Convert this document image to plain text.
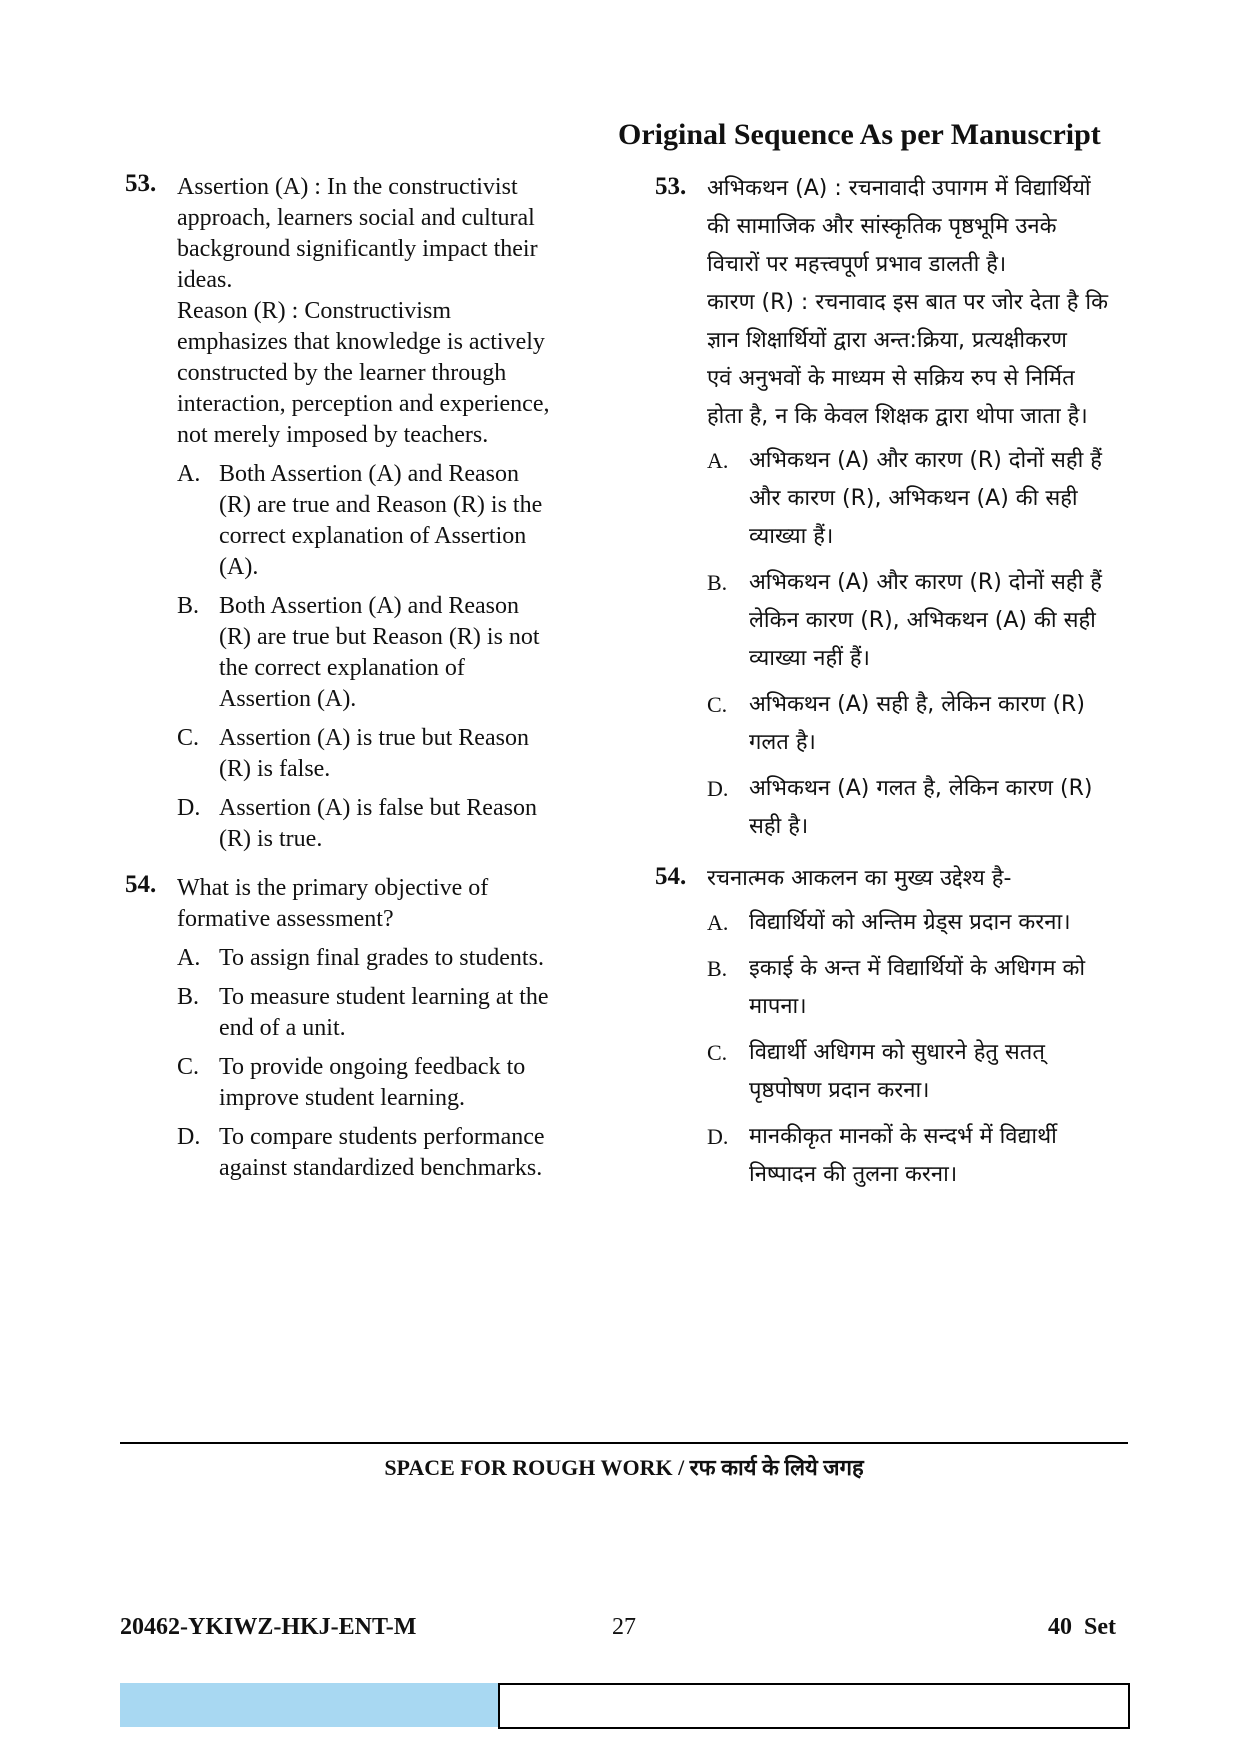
Original Sequence As per Manuscript
53. Assertion (A) : In the constructivist

approach, learners social and cultural

background significantly impact their

ideas.

Reason (R) : Constructivism

emphasizes that knowledge is actively

constructed by the learner through

interaction, perception and experience,

not merely imposed by teachers.

A. Both Assertion (A) and Reason
(R) are true and Reason (R) is the
correct explanation of Assertion
(A).
B. Both Assertion (A) and Reason
(R) are true but Reason (R) is not
the correct explanation of
Assertion (A).
C. Assertion (A) is true but Reason
(R) is false.
D. Assertion (A) is false but Reason
(R) is true.
54. What is the primary objective of

formative assessment?

A. To assign final grades to students.
B. To measure student learning at the
end of a unit.
C. To provide ongoing feedback to
improve student learning.
D. To compare students performance
against standardized benchmarks.
53. अभिकथन (A) : रचनावादी उपागम में विद्यार्थियों

की सामाजिक और सांस्कृतिक पृष्ठभूमि उनके

विचारों पर महत्त्वपूर्ण प्रभाव डालती है।

कारण (R) : रचनावाद इस बात पर जोर देता है कि

ज्ञान शिक्षार्थियों द्वारा अन्त:क्रिया, प्रत्यक्षीकरण

एवं अनुभवों के माध्यम से सक्रिय रुप से निर्मित

होता है, न कि केवल शिक्षक द्वारा थोपा जाता है।

A. अभिकथन (A) और कारण (R) दोनों सही हैं
और कारण (R), अभिकथन (A) की सही
व्याख्या हैं।
B. अभिकथन (A) और कारण (R) दोनों सही हैं
लेकिन कारण (R), अभिकथन (A) की सही
व्याख्या नहीं हैं।
C. अभिकथन (A) सही है, लेकिन कारण (R)
गलत है।
D. अभिकथन (A) गलत है, लेकिन कारण (R)
सही है।
54. रचनात्मक आकलन का मुख्य उद्देश्य है-

A. विद्यार्थियों को अन्तिम ग्रेड्स प्रदान करना।
B. इकाई के अन्त में विद्यार्थियों के अधिगम को
मापना।
C. विद्यार्थी अधिगम को सुधारने हेतु सतत्
पृष्ठपोषण प्रदान करना।
D. मानकीकृत मानकों के सन्दर्भ में विद्यार्थी
निष्पादन की तुलना करना।
SPACE FOR ROUGH WORK / रफ कार्य के लिये जगह
20462-YKIWZ-HKJ-ENT-M	27	40  Set
